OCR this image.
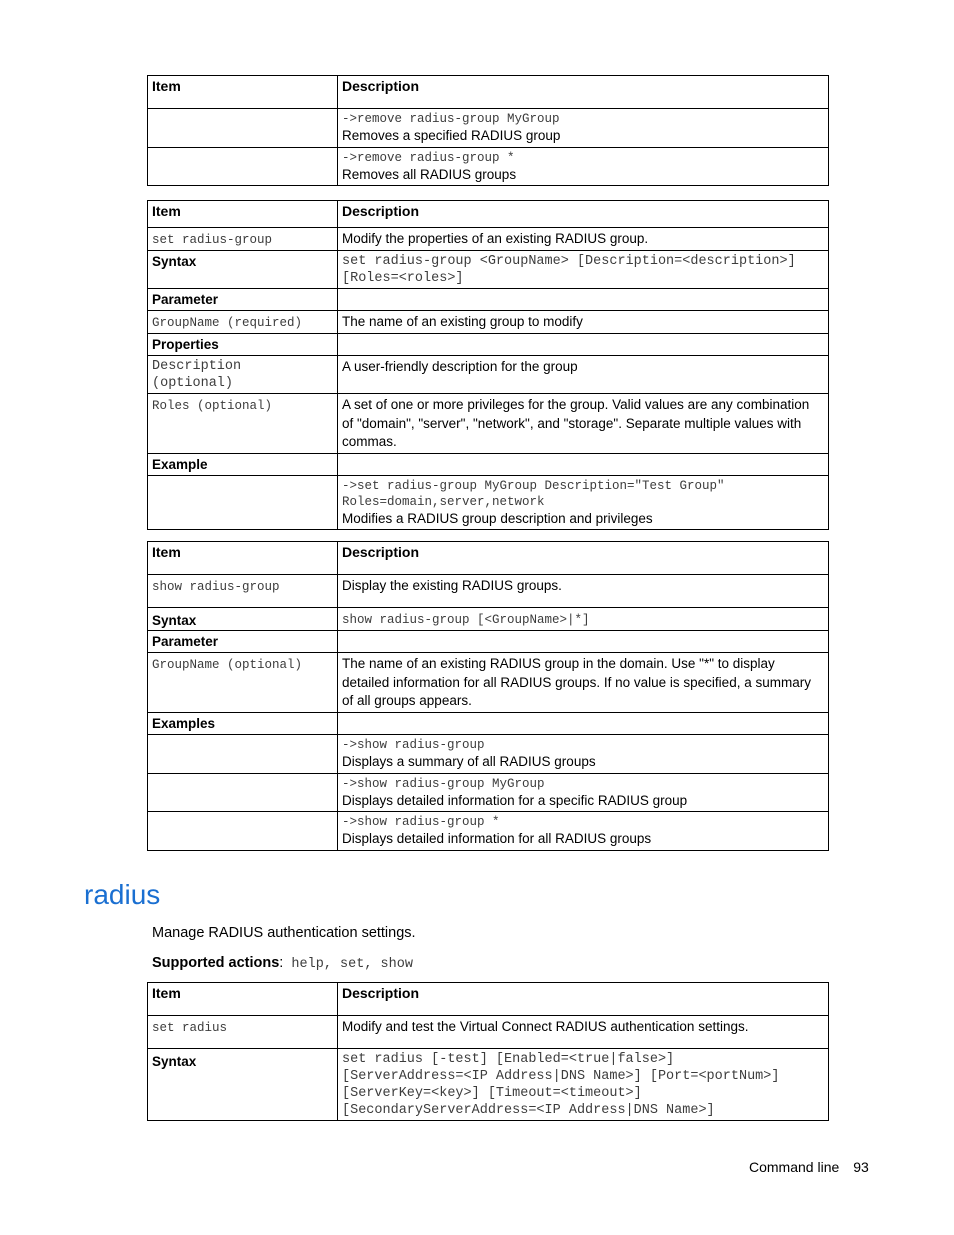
Item	Description

	->remove radius-group MyGroup
Removes a specified RADIUS group

	->remove radius-group *
Removes all RADIUS groups
Item	Description
set radius-group	Modify the properties of an existing RADIUS group.
Syntax	set radius-group <GroupName> [Description=<description>]
[Roles=<roles>]

Parameter	
GroupName (required)	The name of an existing group to modify
Properties	

Description
(optional)	A user-friendly description for the group
Roles (optional)	A set of one or more privileges for the group. Valid values are any combination of "domain", "server", "network", and "storage". Separate multiple values with commas.
Example	

	->set radius-group MyGroup Description="Test Group"
Roles=domain,server,network
Modifies a RADIUS group description and privileges
Item	Description
show radius-group	Display the existing RADIUS groups.
Syntax	show radius-group [<GroupName>|*]
Parameter	
GroupName (optional)	The name of an existing RADIUS group in the domain. Use "*" to display detailed information for all RADIUS groups. If no value is specified, a summary of all groups appears.
Examples	

	->show radius-group
Displays a summary of all RADIUS groups

	->show radius-group MyGroup
Displays detailed information for a specific RADIUS group

	->show radius-group *
Displays detailed information for all RADIUS groups
radius
Manage RADIUS authentication settings.
Supported actions: help, set, show
Item	Description
set radius	Modify and test the Virtual Connect RADIUS authentication settings.
Syntax	set radius [-test] [Enabled=<true|false>]
[ServerAddress=<IP Address|DNS Name>] [Port=<portNum>]
[ServerKey=<key>] [Timeout=<timeout>]
[SecondaryServerAddress=<IP Address|DNS Name>]
Command line 93
